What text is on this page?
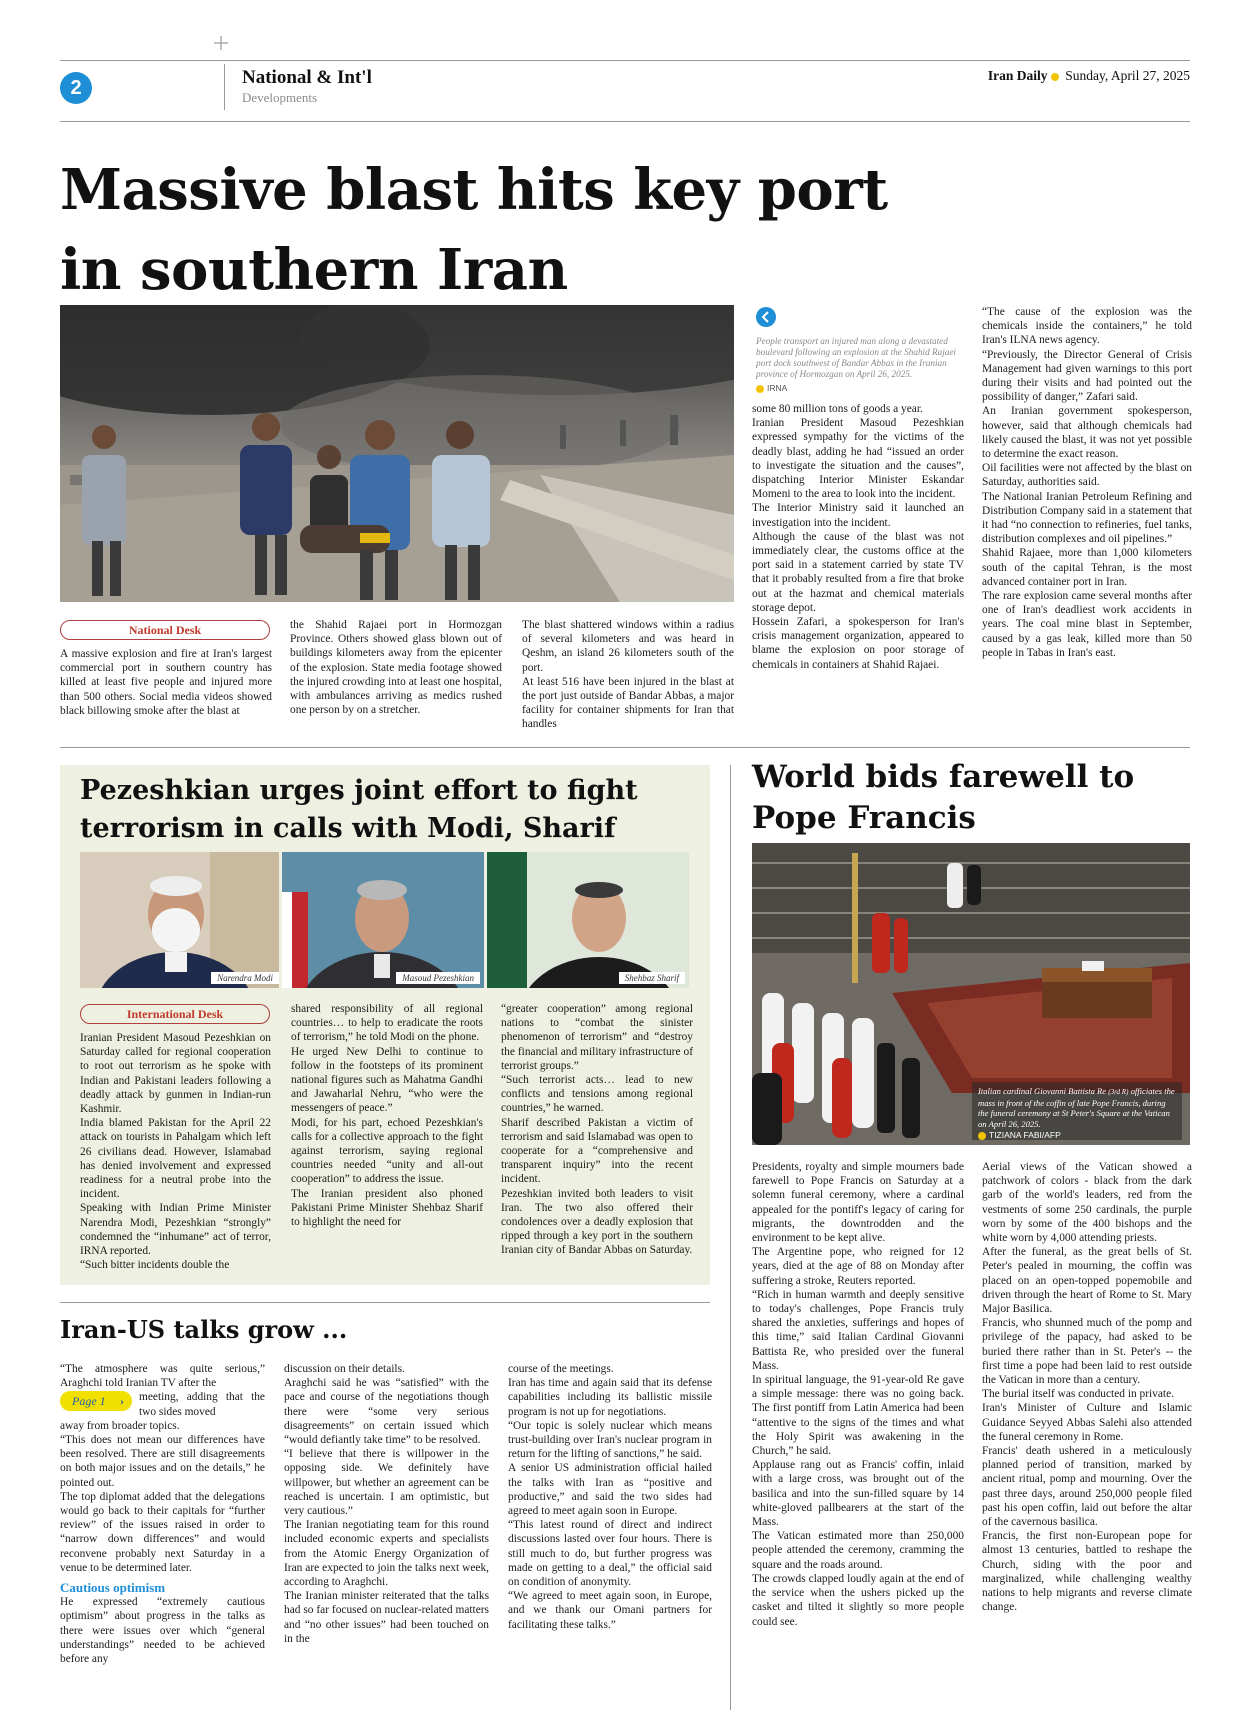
2	National & Int'l
Developments
Iran Daily Sunday, April 27, 2025
Massive blast hits key port
in southern Iran
People transport an injured man along a devastated boulevard following an explosion at the Shahid Rajaei port dock southwest of Bandar Abbas in the Iranian province of Hormozgan on April 26, 2025.
IRNA
National Desk

A massive explosion and fire at Iran's largest commercial port in southern country has killed at least five people and injured more than 500 others. Social media videos showed black billowing smoke after the blast at

the Shahid Rajaei port in Hormozgan Province. Others showed glass blown out of buildings kilometers away from the epicenter of the explosion. State media footage showed the injured crowding into at least one hospital, with ambulances arriving as medics rushed one person by on a stretcher.

The blast shattered windows within a radius of several kilometers and was heard in Qeshm, an island 26 kilometers south of the port.

At least 516 have been injured in the blast at the port just outside of Bandar Abbas, a major facility for container shipments for Iran that handles

some 80 million tons of goods a year.

Iranian President Masoud Pezeshkian expressed sympathy for the victims of the deadly blast, adding he had “issued an order to investigate the situation and the causes”, dispatching Interior Minister Eskandar Momeni to the area to look into the incident.

The Interior Ministry said it launched an investigation into the incident.

Although the cause of the blast was not immediately clear, the customs office at the port said in a statement carried by state TV that it probably resulted from a fire that broke out at the hazmat and chemical materials storage depot.

Hossein Zafari, a spokesperson for Iran's crisis management organization, appeared to blame the explosion on poor storage of chemicals in containers at Shahid Rajaei.

“The cause of the explosion was the chemicals inside the containers,” he told Iran's ILNA news agency.

“Previously, the Director General of Crisis Management had given warnings to this port during their visits and had pointed out the possibility of danger,” Zafari said.

An Iranian government spokesperson, however, said that although chemicals had likely caused the blast, it was not yet possible to determine the exact reason.

Oil facilities were not affected by the blast on Saturday, authorities said.

The National Iranian Petroleum Refining and Distribution Company said in a statement that it had “no connection to refineries, fuel tanks, distribution complexes and oil pipelines.”

Shahid Rajaee, more than 1,000 kilometers south of the capital Tehran, is the most advanced container port in Iran.

The rare explosion came several months after one of Iran's deadliest work accidents in years. The coal mine blast in September, caused by a gas leak, killed more than 50 people in Tabas in Iran's east.

Pezeshkian urges joint effort to fight
terrorism in calls with Modi, Sharif
Narendra Modi	Masoud Pezeshkian	Shehbaz Sharif
International Desk

Iranian President Masoud Pezeshkian on Saturday called for regional cooperation to root out terrorism as he spoke with Indian and Pakistani leaders following a deadly attack by gunmen in Indian-run Kashmir.

India blamed Pakistan for the April 22 attack on tourists in Pahalgam which left 26 civilians dead. However, Islamabad has denied involvement and expressed readiness for a neutral probe into the incident.

Speaking with Indian Prime Minister Narendra Modi, Pezeshkian “strongly” condemned the “inhumane” act of terror, IRNA reported.

“Such bitter incidents double the

shared responsibility of all regional countries… to help to eradicate the roots of terrorism,” he told Modi on the phone.

He urged New Delhi to continue to follow in the footsteps of its prominent national figures such as Mahatma Gandhi and Jawaharlal Nehru, “who were the messengers of peace.”

Modi, for his part, echoed Pezeshkian's calls for a collective approach to the fight against terrorism, saying regional countries needed “unity and all-out cooperation” to address the issue.

The Iranian president also phoned Pakistani Prime Minister Shehbaz Sharif to highlight the need for

“greater cooperation” among regional nations to “combat the sinister phenomenon of terrorism” and “destroy the financial and military infrastructure of terrorist groups.”

“Such terrorist acts… lead to new conflicts and tensions among regional countries,” he warned.

Sharif described Pakistan a victim of terrorism and said Islamabad was open to cooperate for a “comprehensive and transparent inquiry” into the recent incident.

Pezeshkian invited both leaders to visit Iran. The two also offered their condolences over a deadly explosion that ripped through a key port in the southern Iranian city of Bandar Abbas on Saturday.

Iran-US talks grow ...

“The atmosphere was quite serious,” Araghchi told Iranian TV after the

meeting, adding that the two sides moved

away from broader topics.

“This does not mean our differences have been resolved. There are still disagreements on both major issues and on the details,” he pointed out.

The top diplomat added that the delegations would go back to their capitals for “further review” of the issues raised in order to “narrow down differences” and would reconvene probably next Saturday in a venue to be determined later.

Cautious optimism

He expressed “extremely cautious optimism” about progress in the talks as there were issues over which “general understandings” needed to be achieved before any

Page 1 ›

discussion on their details.

Araghchi said he was “satisfied” with the pace and course of the negotiations though there were “some very serious disagreements” on certain issued which “would defiantly take time” to be resolved.

“I believe that there is willpower in the opposing side. We definitely have willpower, but whether an agreement can be reached is uncertain. I am optimistic, but very cautious.”

The Iranian negotiating team for this round included economic experts and specialists from the Atomic Energy Organization of Iran are expected to join the talks next week, according to Araghchi.

The Iranian minister reiterated that the talks had so far focused on nuclear-related matters and “no other issues” had been touched on in the

course of the meetings.

Iran has time and again said that its defense capabilities including its ballistic missile program is not up for negotiations.

“Our topic is solely nuclear which means trust-building over Iran's nuclear program in return for the lifting of sanctions,” he said.

A senior US administration official hailed the talks with Iran as “positive and productive,” and said the two sides had agreed to meet again soon in Europe.

“This latest round of direct and indirect discussions lasted over four hours. There is still much to do, but further progress was made on getting to a deal,” the official said on condition of anonymity.

“We agreed to meet again soon, in Europe, and we thank our Omani partners for facilitating these talks.”

World bids farewell to
Pope Francis
Italian cardinal Giovanni Battista Re (3rd R) officiates the mass in front of the coffin of late Pope Francis, during the funeral ceremony at St Peter's Square at the Vatican on April 26, 2025.
TIZIANA FABI/AFP

Presidents, royalty and simple mourners bade farewell to Pope Francis on Saturday at a solemn funeral ceremony, where a cardinal appealed for the pontiff's legacy of caring for migrants, the downtrodden and the environment to be kept alive.

The Argentine pope, who reigned for 12 years, died at the age of 88 on Monday after suffering a stroke, Reuters reported.

“Rich in human warmth and deeply sensitive to today's challenges, Pope Francis truly shared the anxieties, sufferings and hopes of this time,” said Italian Cardinal Giovanni Battista Re, who presided over the funeral Mass.

In spiritual language, the 91-year-old Re gave a simple message: there was no going back. The first pontiff from Latin America had been “attentive to the signs of the times and what the Holy Spirit was awakening in the Church,” he said.

Applause rang out as Francis' coffin, inlaid with a large cross, was brought out of the basilica and into the sun-filled square by 14 white-gloved pallbearers at the start of the Mass.

The Vatican estimated more than 250,000 people attended the ceremony, cramming the square and the roads around.

The crowds clapped loudly again at the end of the service when the ushers picked up the casket and tilted it slightly so more people could see.

Aerial views of the Vatican showed a patchwork of colors - black from the dark garb of the world's leaders, red from the vestments of some 250 cardinals, the purple worn by some of the 400 bishops and the white worn by 4,000 attending priests.

After the funeral, as the great bells of St. Peter's pealed in mourning, the coffin was placed on an open-topped popemobile and driven through the heart of Rome to St. Mary Major Basilica.

Francis, who shunned much of the pomp and privilege of the papacy, had asked to be buried there rather than in St. Peter's -- the first time a pope had been laid to rest outside the Vatican in more than a century.

The burial itself was conducted in private.

Iran's Minister of Culture and Islamic Guidance Seyyed Abbas Salehi also attended the funeral ceremony in Rome.

Francis' death ushered in a meticulously planned period of transition, marked by ancient ritual, pomp and mourning. Over the past three days, around 250,000 people filed past his open coffin, laid out before the altar of the cavernous basilica.

Francis, the first non-European pope for almost 13 centuries, battled to reshape the Church, siding with the poor and marginalized, while challenging wealthy nations to help migrants and reverse climate change.
